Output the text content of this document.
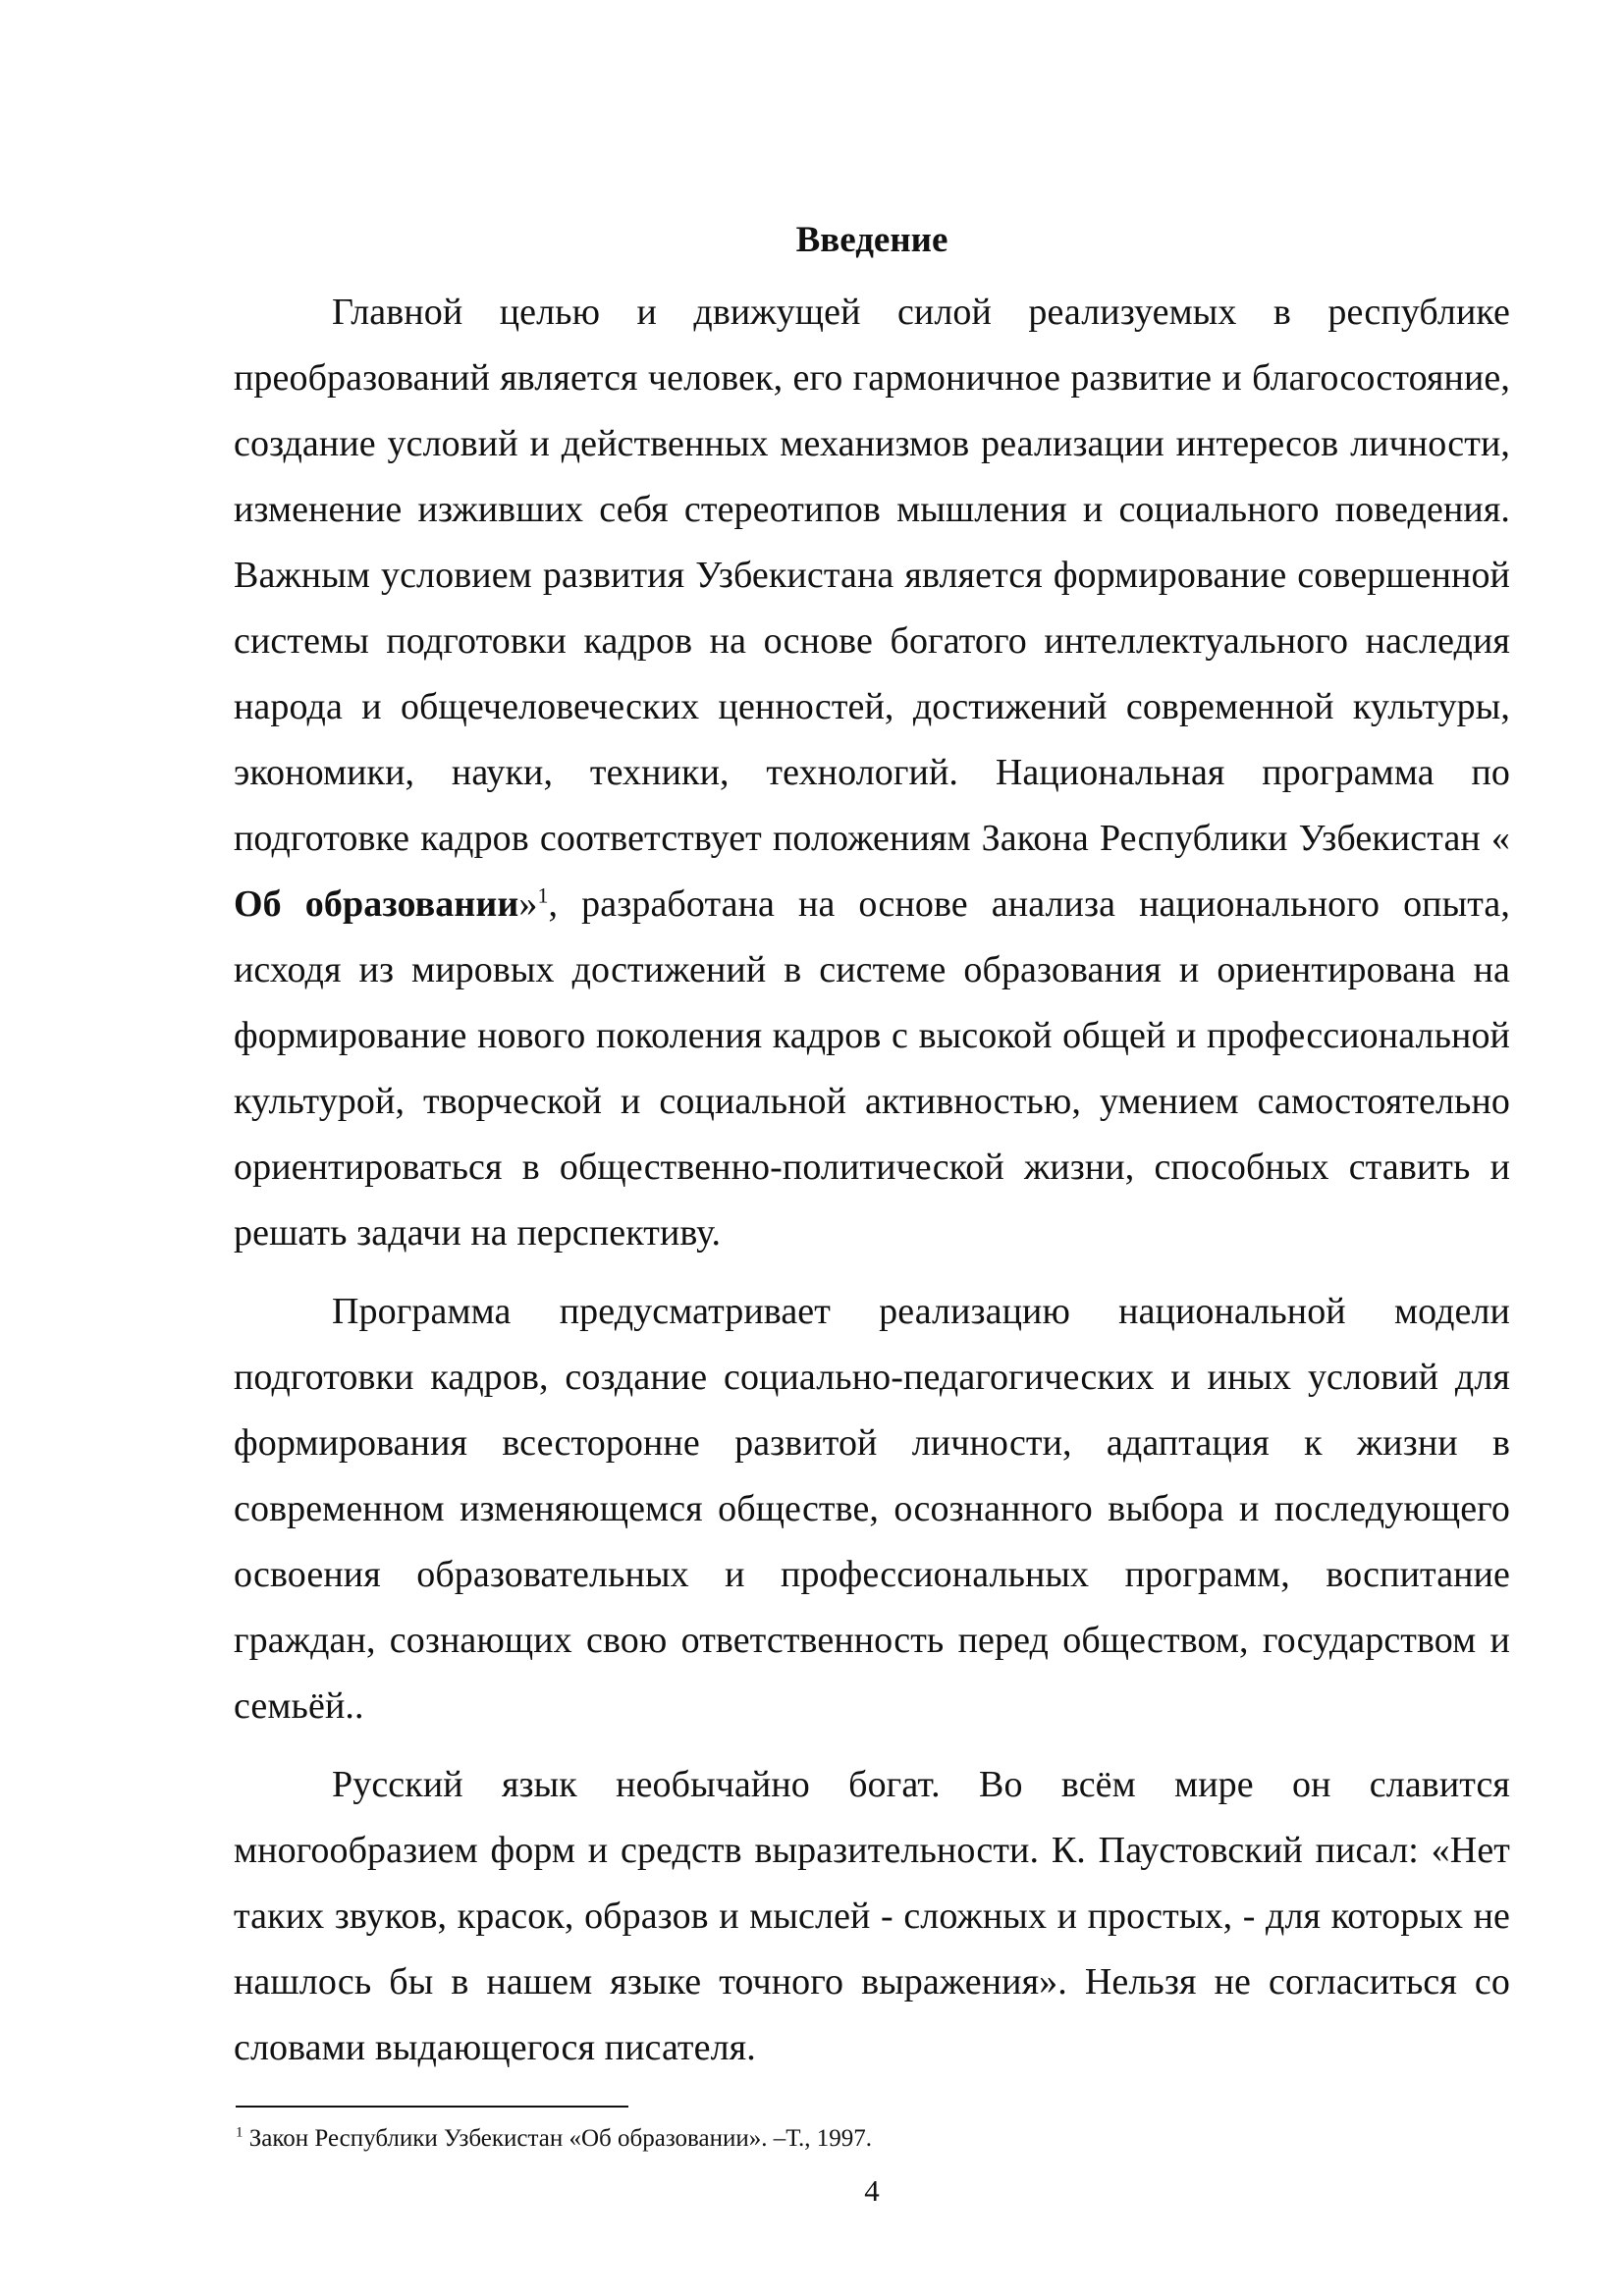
Введение

Главной целью и движущей силой реализуемых в республике преобразований является человек, его гармоничное развитие и благосостояние, создание условий и действенных механизмов реализации интересов личности, изменение изживших себя стереотипов мышления и социального поведения. Важным условием развития Узбекистана является формирование совершенной системы подготовки кадров на основе богатого интеллектуального наследия народа и общечеловеческих ценностей, достижений современной культуры, экономики, науки, техники, технологий. Национальная программа по подготовке кадров соответствует положениям Закона Республики Узбекистан « Об образовании»$^1$, разработана на основе анализа национального опыта, исходя из мировых достижений в системе образования и ориентирована на формирование нового поколения кадров с высокой общей и профессиональной культурой, творческой и социальной активностью, умением самостоятельно ориентироваться в общественно-политической жизни, способных ставить и решать задачи на перспективу.

Программа предусматривает реализацию национальной модели подготовки кадров, создание социально-педагогических и иных условий для формирования всесторонне развитой личности, адаптация к жизни в современном изменяющемся обществе, осознанного выбора и последующего освоения образовательных и профессиональных программ, воспитание граждан, сознающих свою ответственность перед обществом, государством и семьёй..

Русский язык необычайно богат. Во всём мире он славится многообразием форм и средств выразительности. К. Паустовский писал: «Нет таких звуков, красок, образов и мыслей - сложных и простых, - для которых не нашлось бы в нашем языке точного выражения». Нельзя не согласиться со словами выдающегося писателя.

$^1$ Закон Республики Узбекистан «Об образовании». –Т., 1997.

4
